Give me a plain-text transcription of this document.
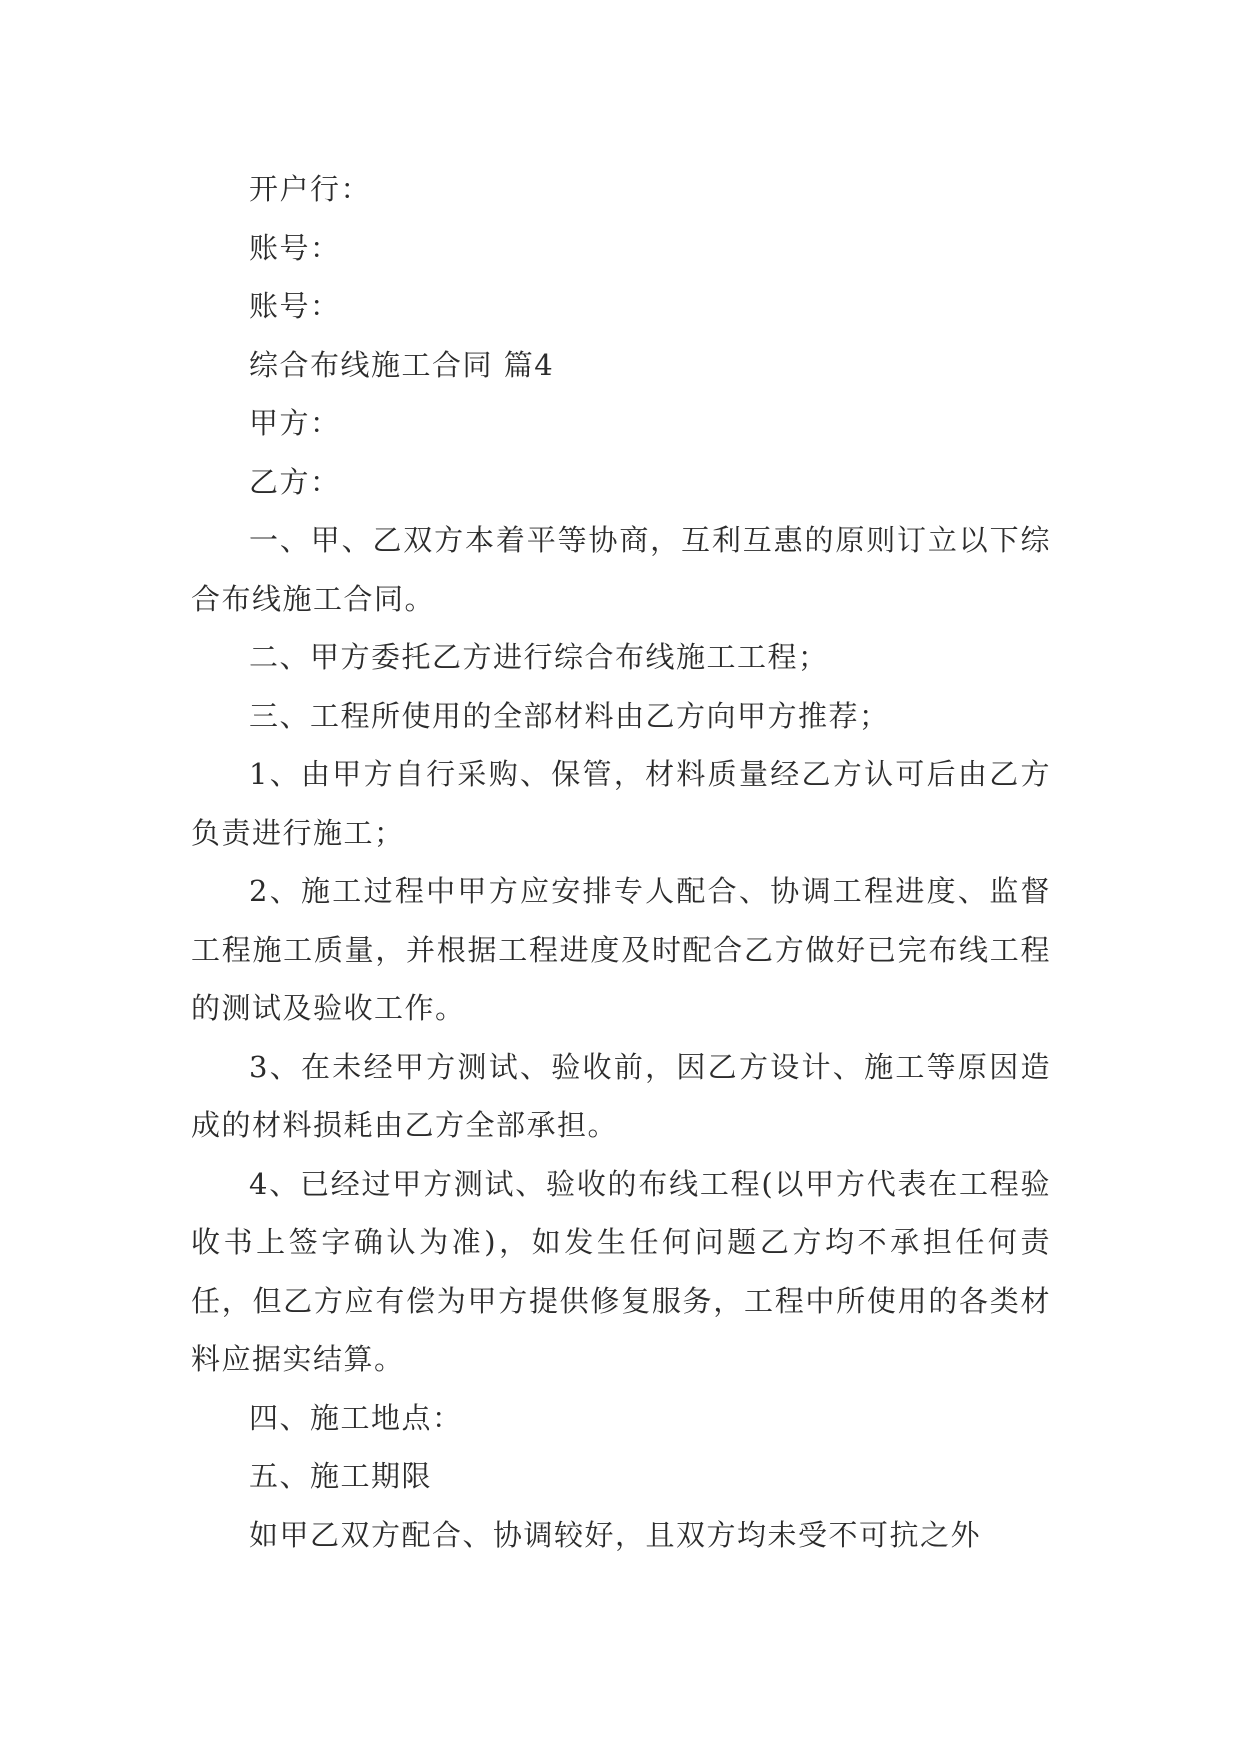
开户行：

账号：

账号：

综合布线施工合同 篇4

甲方：

乙方：

一、甲、乙双方本着平等协商，互利互惠的原则订立以下综合布线施工合同。

二、甲方委托乙方进行综合布线施工工程；

三、工程所使用的全部材料由乙方向甲方推荐；

1、由甲方自行采购、保管，材料质量经乙方认可后由乙方负责进行施工；

2、施工过程中甲方应安排专人配合、协调工程进度、监督工程施工质量，并根据工程进度及时配合乙方做好已完布线工程的测试及验收工作。

3、在未经甲方测试、验收前，因乙方设计、施工等原因造成的材料损耗由乙方全部承担。

4、已经过甲方测试、验收的布线工程(以甲方代表在工程验收书上签字确认为准)，如发生任何问题乙方均不承担任何责任，但乙方应有偿为甲方提供修复服务，工程中所使用的各类材料应据实结算。

四、施工地点：

五、施工期限

如甲乙双方配合、协调较好，且双方均未受不可抗之外
